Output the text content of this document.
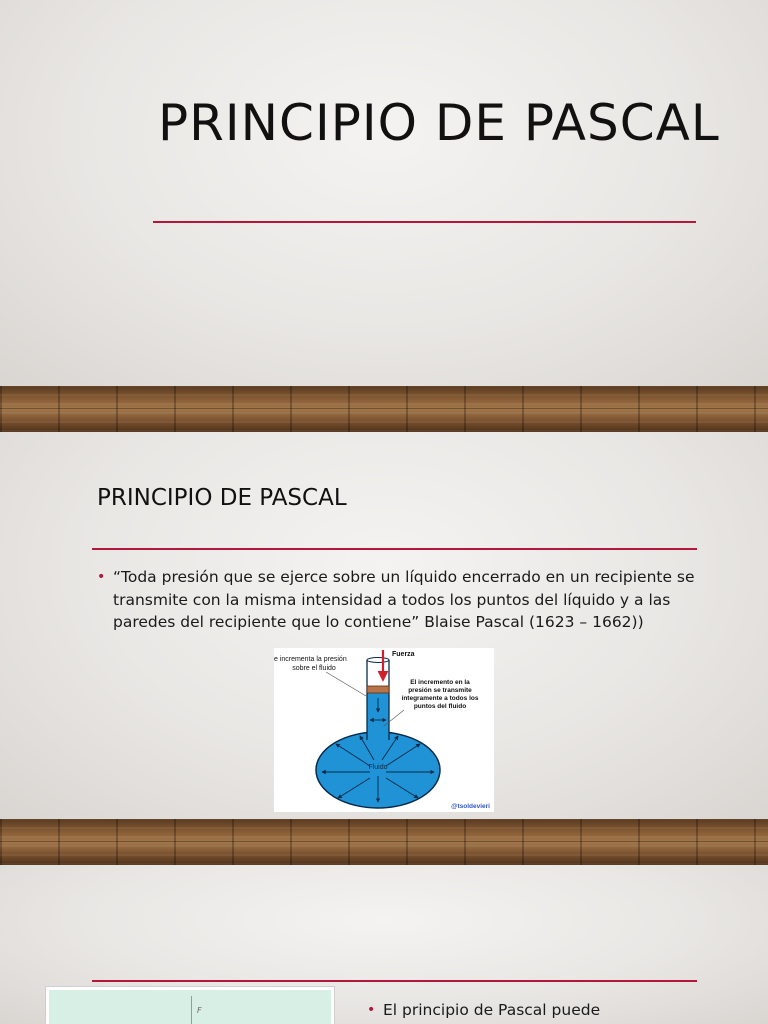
PRINCIPIO DE PASCAL
PRINCIPIO DE PASCAL

• “Toda presión que se ejerce sobre un líquido encerrado en un recipiente se transmite con la misma intensidad a todos los puntos del líquido y a las paredes del recipiente que lo contiene” Blaise Pascal (1623 – 1662))

Se incrementa la presión
sobre el fluido
Fuerza
El incremento en la
presión se transmite
íntegramente a todos los
puntos del fluido
Fluido
@tsoldevieri
F

•	El principio de Pascal puede
